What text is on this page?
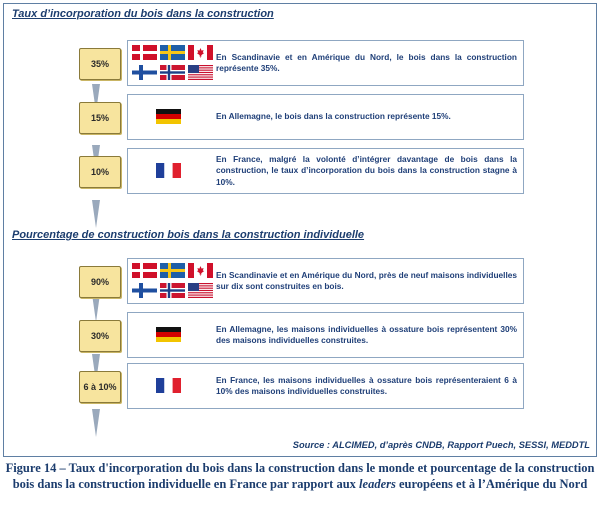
Taux d’incorporation du bois dans la construction
Pourcentage de construction bois dans la construction individuelle
35%
En Scandinavie et en Amérique du Nord, le bois dans la construction représente 35%.
15%	En Allemagne, le bois dans la construction représente 15%.
10%
En France, malgré la volonté d’intégrer davantage de bois dans la construction, le taux d’incorporation du bois dans la construction stagne à 10%.
90%
En Scandinavie et en Amérique du Nord, près de neuf maisons individuelles sur dix sont construites en bois.
30%
En Allemagne, les maisons individuelles à ossature bois représentent 30% des maisons individuelles construites.
6 à 10%
En France, les maisons individuelles à ossature bois représenteraient 6 à 10% des maisons individuelles construites.
Source : ALCIMED, d’après CNDB, Rapport Puech, SESSI, MEDDTL
Figure 14 – Taux d'incorporation du bois dans la construction dans le monde et pourcentage de la construction bois dans la construction individuelle en France par rapport aux leaders européens et à l’Amérique du Nord
